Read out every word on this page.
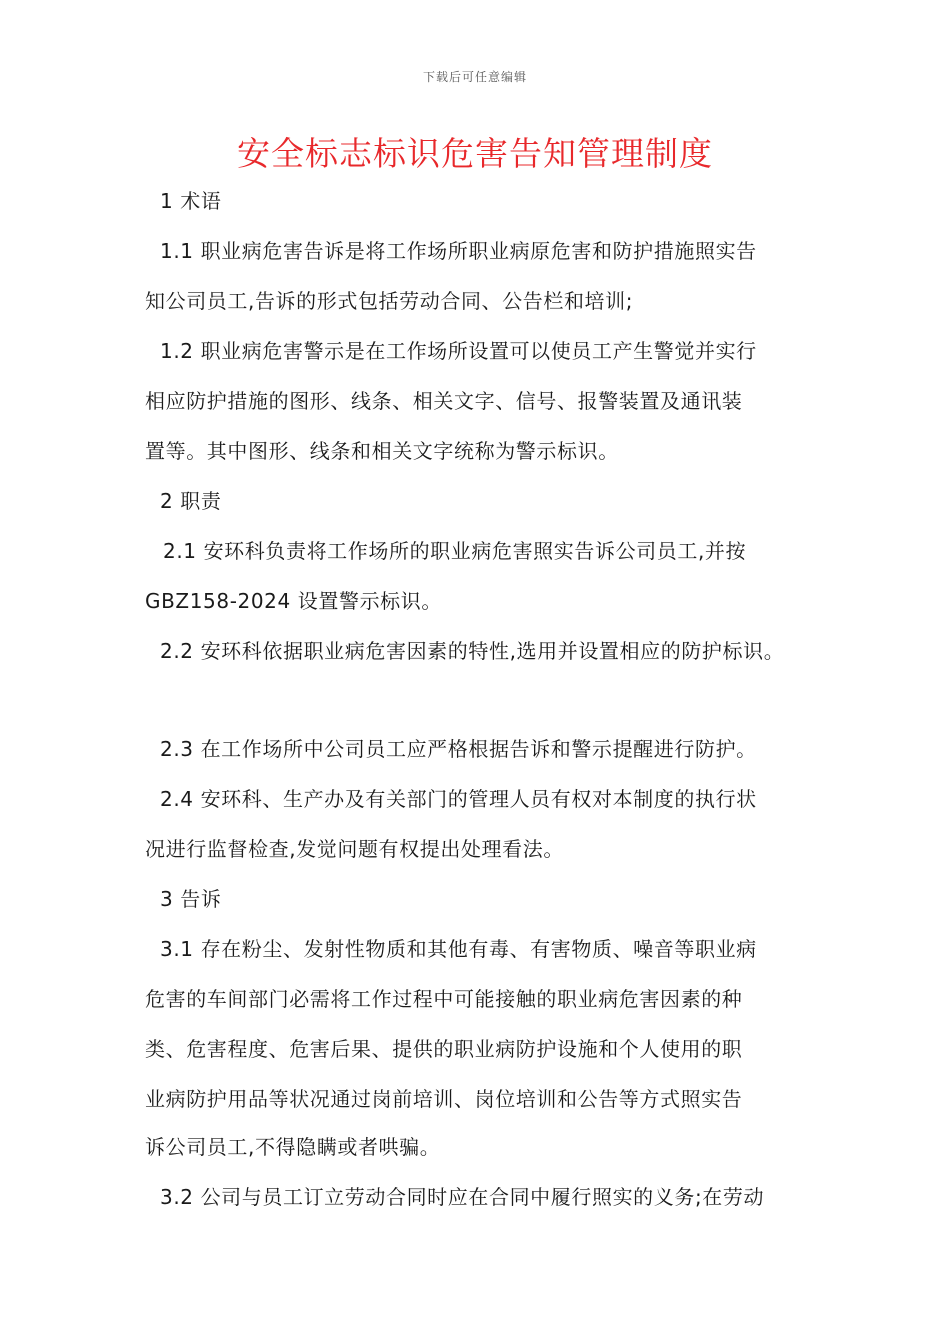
下载后可任意编辑
安全标志标识危害告知管理制度
1 术语
1.1 职业病危害告诉是将工作场所职业病原危害和防护措施照实告
知公司员工,告诉的形式包括劳动合同、公告栏和培训;
1.2 职业病危害警示是在工作场所设置可以使员工产生警觉并实行
相应防护措施的图形、线条、相关文字、信号、报警装置及通讯装
置等。其中图形、线条和相关文字统称为警示标识。
2 职责
2.1 安环科负责将工作场所的职业病危害照实告诉公司员工,并按
GBZ158-2024 设置警示标识。
2.2 安环科依据职业病危害因素的特性,选用并设置相应的防护标识。
2.3 在工作场所中公司员工应严格根据告诉和警示提醒进行防护。
2.4 安环科、生产办及有关部门的管理人员有权对本制度的执行状
况进行监督检查,发觉问题有权提出处理看法。
3 告诉
3.1 存在粉尘、发射性物质和其他有毒、有害物质、噪音等职业病
危害的车间部门必需将工作过程中可能接触的职业病危害因素的种
类、危害程度、危害后果、提供的职业病防护设施和个人使用的职
业病防护用品等状况通过岗前培训、岗位培训和公告等方式照实告
诉公司员工,不得隐瞒或者哄骗。
3.2 公司与员工订立劳动合同时应在合同中履行照实的义务;在劳动
